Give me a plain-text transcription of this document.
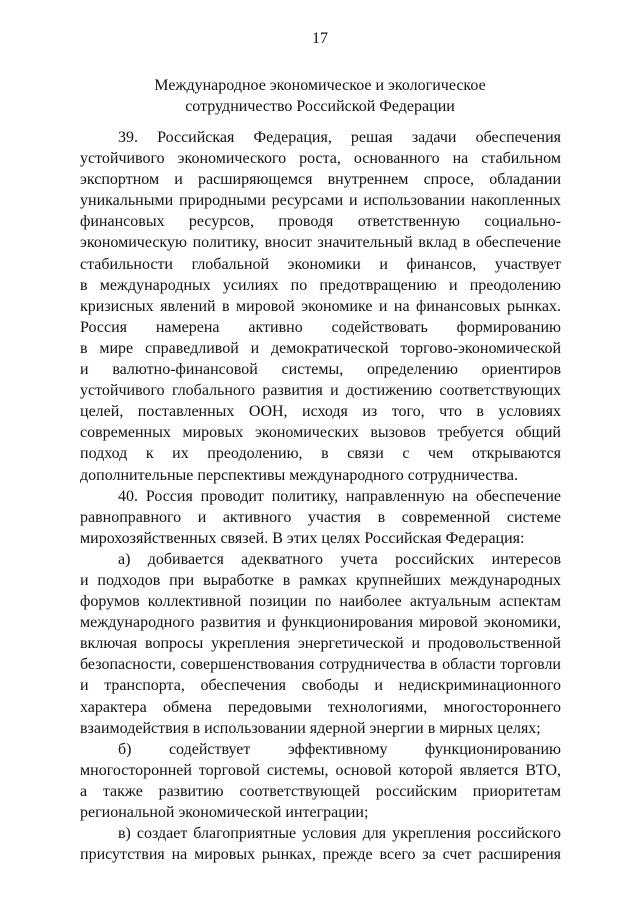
17
Международное экономическое и экологическое
сотрудничество Российской Федерации
39. Российская Федерация, решая задачи обеспечения
устойчивого экономического роста, основанного на стабильном
экспортном и расширяющемся внутреннем спросе, обладании
уникальными природными ресурсами и использовании накопленных
финансовых ресурсов, проводя ответственную социально-
экономическую политику, вносит значительный вклад в обеспечение
стабильности глобальной экономики и финансов, участвует
в международных усилиях по предотвращению и преодолению
кризисных явлений в мировой экономике и на финансовых рынках.
Россия намерена активно содействовать формированию
в мире справедливой и демократической торгово-экономической
и валютно-финансовой системы, определению ориентиров
устойчивого глобального развития и достижению соответствующих
целей, поставленных ООН, исходя из того, что в условиях
современных мировых экономических вызовов требуется общий
подход к их преодолению, в связи с чем открываются
дополнительные перспективы международного сотрудничества.
40. Россия проводит политику, направленную на обеспечение
равноправного и активного участия в современной системе
мирохозяйственных связей. В этих целях Российская Федерация:
а) добивается адекватного учета российских интересов
и подходов при выработке в рамках крупнейших международных
форумов коллективной позиции по наиболее актуальным аспектам
международного развития и функционирования мировой экономики,
включая вопросы укрепления энергетической и продовольственной
безопасности, совершенствования сотрудничества в области торговли
и транспорта, обеспечения свободы и недискриминационного
характера обмена передовыми технологиями, многостороннего
взаимодействия в использовании ядерной энергии в мирных целях;
б) содействует эффективному функционированию
многосторонней торговой системы, основой которой является ВТО,
а также развитию соответствующей российским приоритетам
региональной экономической интеграции;
в) создает благоприятные условия для укрепления российского
присутствия на мировых рынках, прежде всего за счет расширения
